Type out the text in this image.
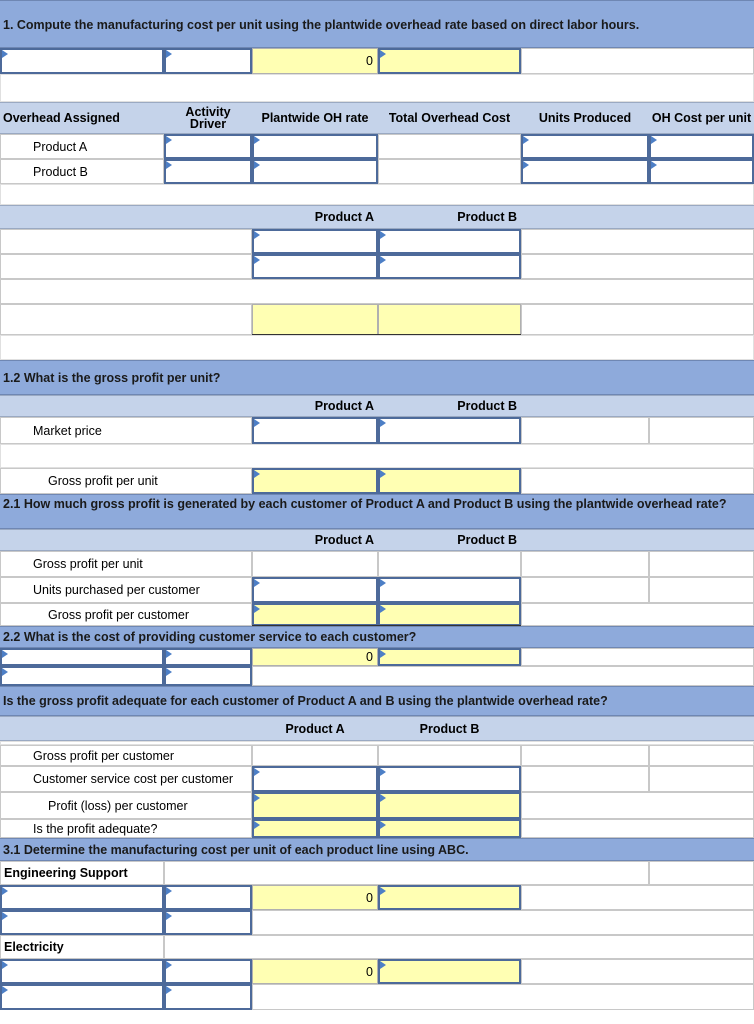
1. Compute the manufacturing cost per unit using the plantwide overhead rate based on direct labor hours.
0
Overhead Assigned	Activity Driver	Plantwide OH rate	Total Overhead Cost	Units Produced	OH Cost per unit
Product A
Product B
Product A	Product B
1.2 What is the gross profit per unit?
Product A	Product B
Market price
Gross profit per unit
2.1 How much gross profit is generated by each customer of Product A and Product B using the plantwide overhead rate?
Product A	Product B
Gross profit per unit
Units purchased per customer
Gross profit per customer
2.2 What is the cost of providing customer service to each customer?
0
Is the gross profit adequate for each customer of Product A and B using the plantwide overhead rate?
Product A	Product B
Gross profit per customer
Customer service cost per customer
Profit (loss) per customer
Is the profit adequate?
3.1 Determine the manufacturing cost per unit of each product line using ABC.
Engineering Support
0
Electricity
0
